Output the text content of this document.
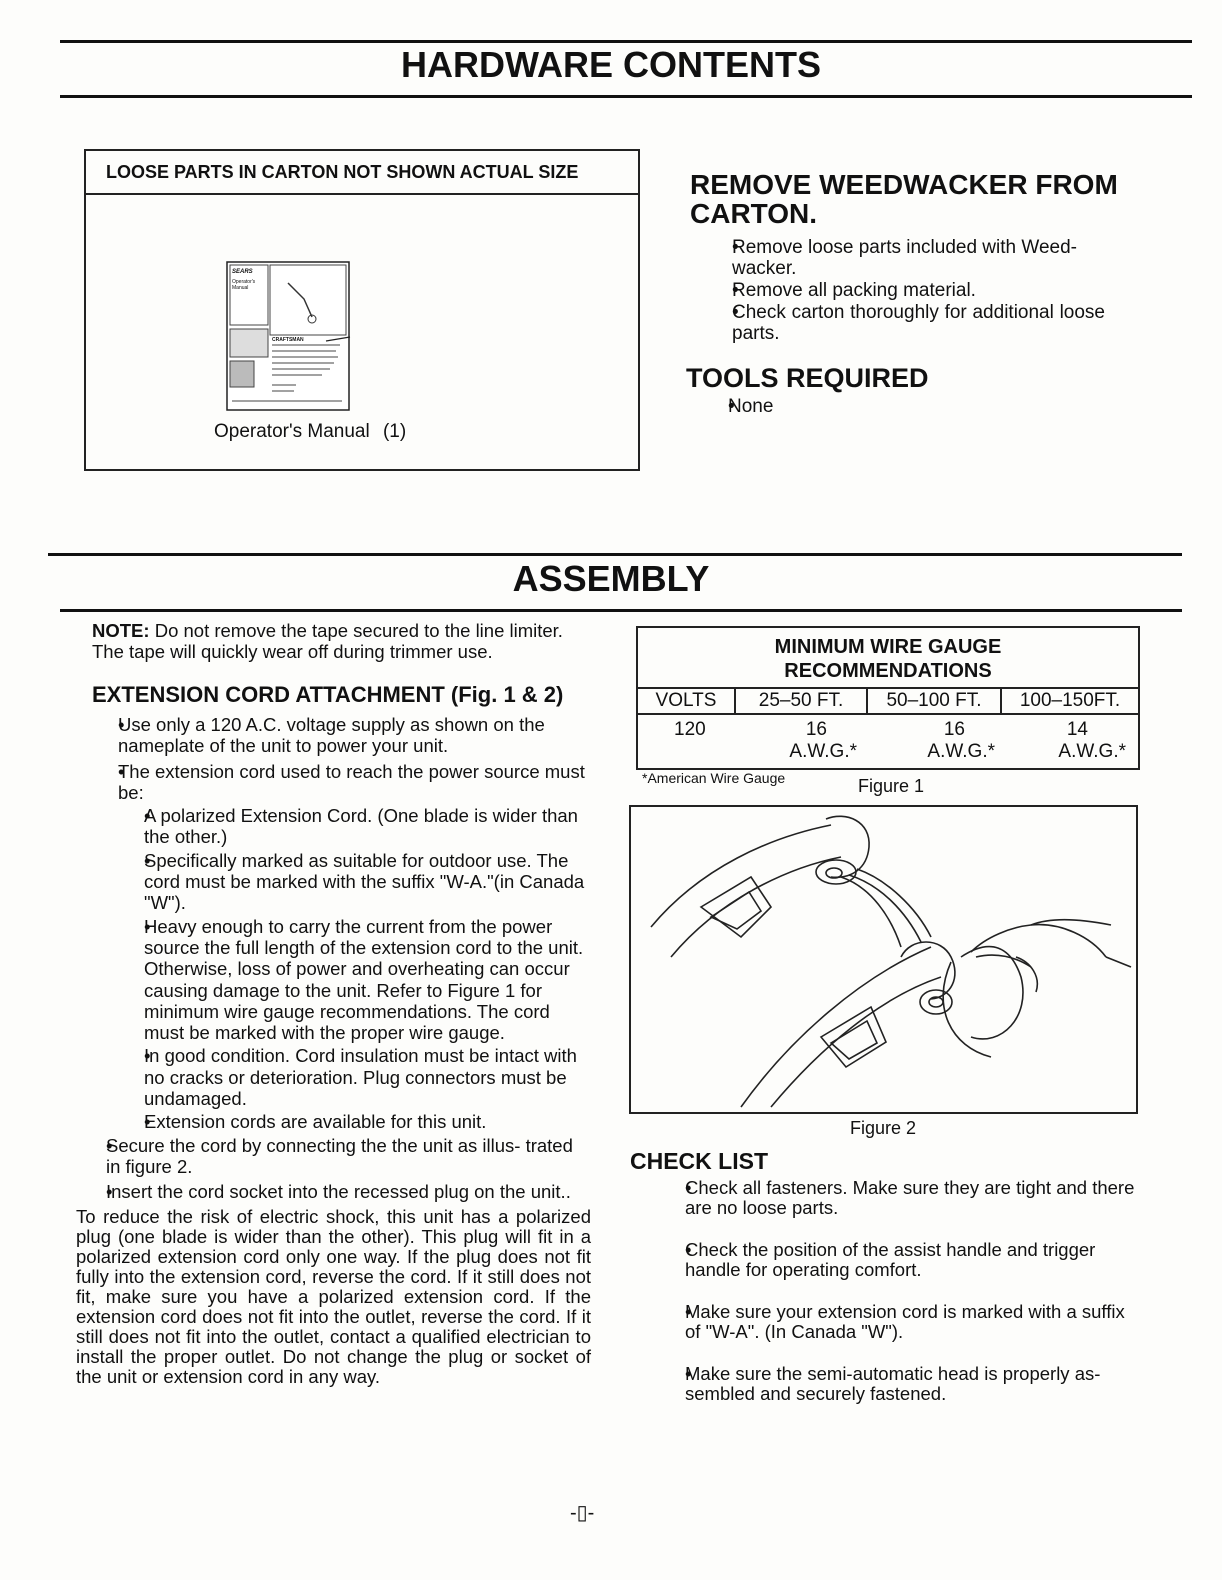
HARDWARE CONTENTS
LOOSE PARTS IN CARTON NOT SHOWN ACTUAL SIZE
SEARS
Operator's Manual
CRAFTSMAN
Operator's Manual (1)
REMOVE WEEDWACKER FROM CARTON.
• Remove loose parts included with Weed- wacker.
• Remove all packing material.
• Check carton thoroughly for additional loose parts.
TOOLS REQUIRED
• None
ASSEMBLY
NOTE: Do not remove the tape secured to the line limiter. The tape will quickly wear off during trimmer use.
EXTENSION CORD ATTACHMENT (Fig. 1 & 2)
• Use only a 120 A.C. voltage supply as shown on the nameplate of the unit to power your unit.
• The extension cord used to reach the power source must be:
• A polarized Extension Cord. (One blade is wider than the other.)
• Specifically marked as suitable for outdoor use. The cord must be marked with the suffix "W-A."(in Canada "W").
• Heavy enough to carry the current from the power source the full length of the extension cord to the unit. Otherwise, loss of power and overheating can occur causing damage to the unit. Refer to Figure 1 for minimum wire gauge recommendations. The cord must be marked with the proper wire gauge.
• In good condition. Cord insulation must be intact with no cracks or deterioration. Plug connectors must be undamaged.
• Extension cords are available for this unit.
• Secure the cord by connecting the the unit as illus- trated in figure 2.
• Insert the cord socket into the recessed plug on the unit..

To reduce the risk of electric shock, this unit has a polarized plug (one blade is wider than the other). This plug will fit in a polarized extension cord only one way. If the plug does not fit fully into the extension cord, reverse the cord. If it still does not fit, make sure you have a polarized extension cord. If the extension cord does not fit into the outlet, reverse the cord. If it still does not fit into the outlet, contact a qualified electrician to install the proper outlet. Do not change the plug or socket of the unit or extension cord in any way.

MINIMUM WIRE GAUGE
RECOMMENDATIONS
VOLTS	25–50 FT.	50–100 FT.	100–150FT.
120	16	16	14
	A.W.G.*	A.W.G.*	A.W.G.*
*American Wire Gauge	Figure 1
Figure 2
CHECK LIST
• Check all fasteners. Make sure they are tight and there are no loose parts.
• Check the position of the assist handle and trigger handle for operating comfort.
• Make sure your extension cord is marked with a suffix of "W-A". (In Canada "W").
• Make sure the semi-automatic head is properly as- sembled and securely fastened.
-▯-
